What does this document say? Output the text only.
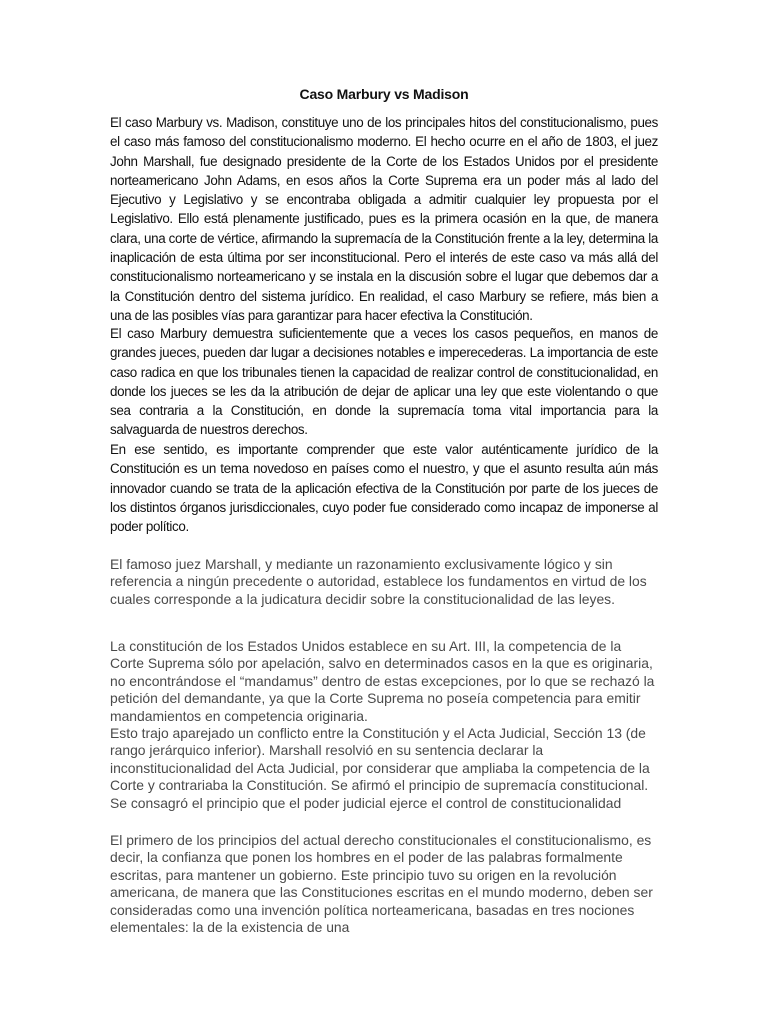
Caso Marbury vs Madison

El caso Marbury vs. Madison, constituye uno de los principales hitos del constitucionalismo, pues el caso más famoso del constitucionalismo moderno. El hecho ocurre en el año de 1803, el juez John Marshall, fue designado presidente de la Corte de los Estados Unidos por el presidente norteamericano John Adams, en esos años la Corte Suprema era un poder más al lado del Ejecutivo y Legislativo y se encontraba obligada a admitir cualquier ley propuesta por el Legislativo. Ello está plenamente justificado, pues es la primera ocasión en la que, de manera clara, una corte de vértice, afirmando la supremacía de la Constitución frente a la ley, determina la inaplicación de esta última por ser inconstitucional. Pero el interés de este caso va más allá del constitucionalismo norteamericano y se instala en la discusión sobre el lugar que debemos dar a la Constitución dentro del sistema jurídico. En realidad, el caso Marbury se refiere, más bien a una de las posibles vías para garantizar para hacer efectiva la Constitución.

El caso Marbury demuestra suficientemente que a veces los casos pequeños, en manos de grandes jueces, pueden dar lugar a decisiones notables e imperecederas. La importancia de este caso radica en que los tribunales tienen la capacidad de realizar control de constitucionalidad, en donde los jueces se les da la atribución de dejar de aplicar una ley que este violentando o que sea contraria a la Constitución, en donde la supremacía toma vital importancia para la salvaguarda de nuestros derechos.

En ese sentido, es importante comprender que este valor auténticamente jurídico de la Constitución es un tema novedoso en países como el nuestro, y que el asunto resulta aún más innovador cuando se trata de la aplicación efectiva de la Constitución por parte de los jueces de los distintos órganos jurisdiccionales, cuyo poder fue considerado como incapaz de imponerse al poder político.

El famoso juez Marshall, y mediante un razonamiento exclusivamente lógico y sin referencia a ningún precedente o autoridad, establece los fundamentos en virtud de los cuales corresponde a la judicatura decidir sobre la constitucionalidad de las leyes.

La constitución de los Estados Unidos establece en su Art. III, la competencia de la Corte Suprema sólo por apelación, salvo en determinados casos en la que es originaria, no encontrándose el “mandamus” dentro de estas excepciones, por lo que se rechazó la petición del demandante, ya que la Corte Suprema no poseía competencia para emitir mandamientos en competencia originaria.
Esto trajo aparejado un conflicto entre la Constitución y el Acta Judicial, Sección 13 (de rango jerárquico inferior). Marshall resolvió en su sentencia declarar la inconstitucionalidad del Acta Judicial, por considerar que ampliaba la competencia de la Corte y contrariaba la Constitución. Se afirmó el principio de supremacía constitucional.
Se consagró el principio que el poder judicial ejerce el control de constitucionalidad

El primero de los principios del actual derecho constitucionales el constitucionalismo, es decir, la confianza que ponen los hombres en el poder de las palabras formalmente escritas, para mantener un gobierno. Este principio tuvo su origen en la revolución americana, de manera que las Constituciones escritas en el mundo moderno, deben ser consideradas como una invención política norteamericana, basadas en tres nociones elementales: la de la existencia de una
